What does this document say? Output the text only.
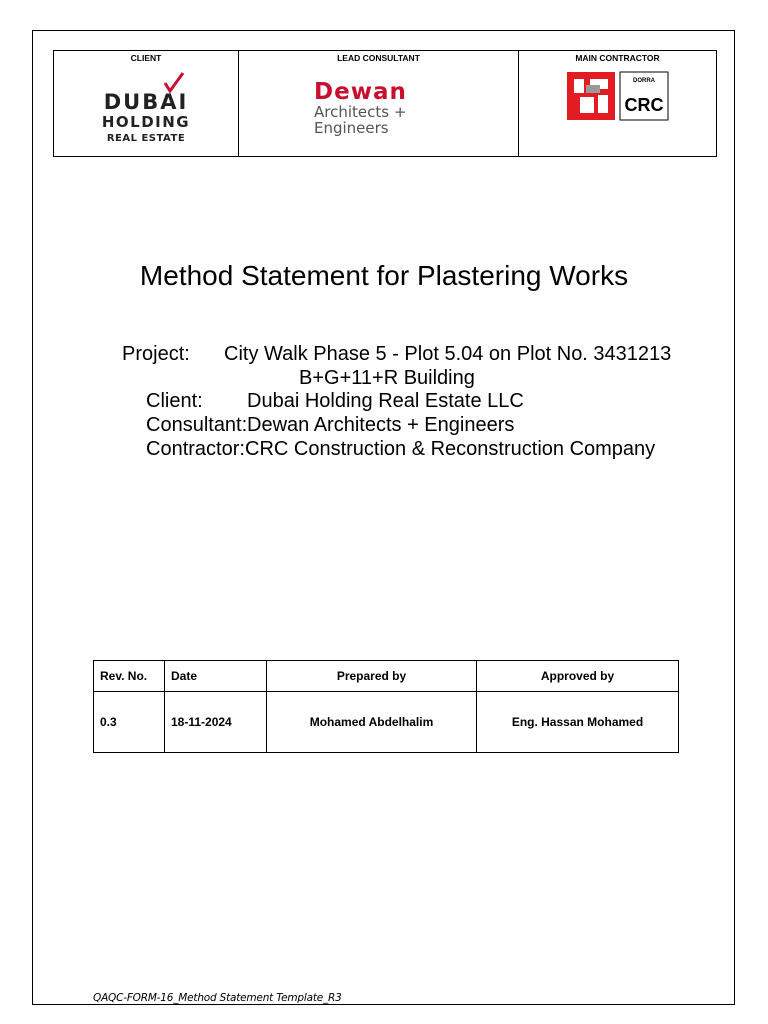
CLIENT
DUBAI
HOLDING
REAL ESTATE

LEAD CONSULTANT
Dewan
Architects +
Engineers

MAIN CONTRACTOR
DORRA
CRC
Method Statement for Plastering Works
Project: City Walk Phase 5 - Plot 5.04 on Plot No. 3431213
B+G+11+R Building
Client: Dubai Holding Real Estate LLC
Consultant: Dewan Architects + Engineers
Contractor: CRC Construction & Reconstruction Company
Rev. No.	Date	Prepared by	Approved by
0.3	18-11-2024	Mohamed Abdelhalim	Eng. Hassan Mohamed
QAQC-FORM-16_Method Statement Template_R3
